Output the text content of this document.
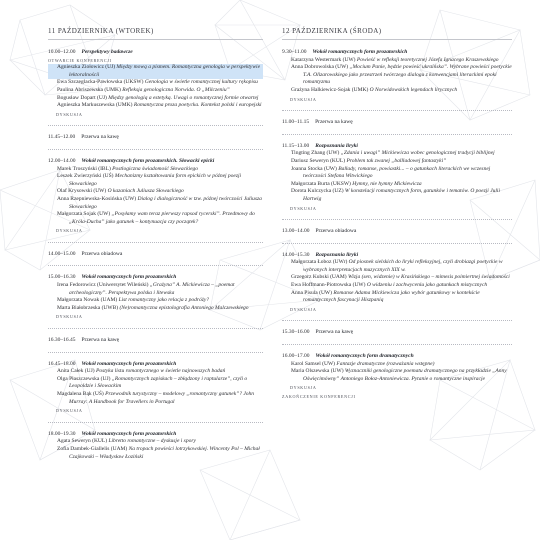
11 PAŹDZIERNIKA (WTOREK)
10.00–12.00 Perspektywy badawcze
OTWARCIE KONFERENCJI
Agnieszka Ziołowicz (UJ) Między mową a pismem. Romantyczna genologia w perspektywie lektoralnościi
Ewa Szczeglacka-Pawłowska (UKSW) Genologia w świetle romantycznej kultury rękopisu
Paulina Abriszewska (UMK) Refleksja genologiczna Norwida. O „Milczeniu”
Bogusław Dopart (UJ) Między genologią a estetyką. Uwagi o romantycznej formie otwartej
Agnieszka Markuszewska (UMK) Romantyczna proza poetycka. Kontekst polski i europejski
DYSKUSJA
11.45–12.00 Przerwa na kawę
12.00–14.00 Wokół romantycznych form prozatorskich. Słowacki epicki
Marek Troszyński (IBL) Postlogiczna świadomość Słowackiego
Leszek Zwierzyński (UŚ) Mechanizmy kształtowania form epickich w późnej poezji Słowackiego
Olaf Krysowski (UW) O kazaniach Juliusza Słowackiego
Anna Rzepniewska-Kosińska (UW) Dialog i dialogiczność w tzw. późnej twórczości Juliusza Słowackiego
Małgorzata Sojak (UW) „Posyłamy wam teraz pierwszy rapsod rycerski”. Przedmowy do „Króla-Ducha” jako gatunek – kontynuacja czy początek?
DYSKUSJA
14.00–15.00 Przerwa obiadowa
15.00–16.30 Wokół romantycznych form prozatorskich
Irena Fedorowicz (Uniwersytet Wileński) „Grażyna” A. Mickiewicza – „poemat archeologiczny”. Perspektywa polska i litewska
Małgorzata Nowak (UAM) List romantyczny jako relacja z podróży?
Marta Białobrzeska (UWB) (Ne)romantyczna epistolografia Antoniego Malczewskiego
DYSKUSJA
16.30–16.45 Przerwa na kawę
16.45–18.00 Wokół romantycznych form prozatorskich
Anita Całek (UJ) Postyka listu romantycznego w świetle najnowszych badań
Olga Płaszczewska (UJ) „Romantycznych zapiskach – zbłądzony i raptularze”, czyli o Leopoldzie i Słowackim
Magdalena Bąk (UŚ) Przewodnik turystyczny – modelowy „romantyczny gatunek”? John Murray: A Handbook for Travellers in Portugal
DYSKUSJA
18.00–19.30 Wokół romantycznych form prozatorskich
Agata Seweryn (KUL) Libretto romantyczne – dyskusje i spory
Zofia Dambek-Giallelis (UAM) Na tropach powieści lotrzykowskiej. Wincenty Pol – Michał Czajkowski – Władysław Łoziński
12 PAŹDZIERNIKA (ŚRODA)
9.30–11.00 Wokół romantycznych form prozatorskich
Katarzyna Westermark (UW) Powieść w refleksji teoretycznej Józefa Ignacego Kraszewskiego
Anna Dobrowolska (UW) „Mocium Panie, będzie powieść ukraińska”. Wybrane powieści poetyckie T.A. Olizarowskiego jako przestrzeń twórczego dialogu z konwencjami literackimi epoki romantyzmu
Grażyna Halkiewicz-Sojak (UMK) O Norwidowskich legendach lirycznych
DYSKUSJA
11.00–11.15 Przerwa na kawę
11.15–13.00 Rozpoznania liryki
Tingting Zhang (UW) „Zdania i uwagi” Mickiewicza wobec genologicznej tradycji biblijnej
Dariusz Seweryn (KUL) Problem tak zwanej „ballladowej fantastyki”
Joanna Stocka (UW) Ballady, romanse, powiastki... – o gatunkach literackich we wczesnej twórczości Stefana Witwickiego
Małgorzata Burta (UKSW) Hymny, nie hymny Mickiewicza
Dorota Kulczycka (UZ) W konstelacji romantycznych form, gatunków i tematów. O poezji Julii Hartwig
DYSKUSJA
13.00–14.00 Przerwa obiadowa
14.00–15.30 Rozpoznania liryki
Małgorzata Łoboz (UWr) Od piosnek sielskich do liryki refleksyjnej, czyli drobiazgi poetyckie w wybranych interpretacjach muzycznych XIX w.
Grzegorz Kubski (UAM) Wizja (sen, widzenie) w Krasińskiego – mimesis poimiertnej świadomości
Ewa Hoffmann-Piotrowska (UW) O widzeniu i zachwyceniu jako gatunkach mistycznych
Anna Pisula (UW) Romanse Adama Mickiewicza jako wybór gatunkowy w kontekście romantycznych fascynacji Hiszpanią
DYSKUSJA
15.30–16.00 Przerwa na kawę
16.00–17.00 Wokół romantycznych form dramatycznych
Karol Samsel (UW) Fantazje dramatyczne (rozważania wstępne)
Maria Olszewska (UW) Wyznaczniki genologiczne poematu dramatycznego na przykładzie „Anny Oświęcimówny” Antoniego Bołoz-Antoniewicza. Pytanie o romantyczne inspiracje
DYSKUSJA
ZAKOŃCZENIE KONFERENCJI
